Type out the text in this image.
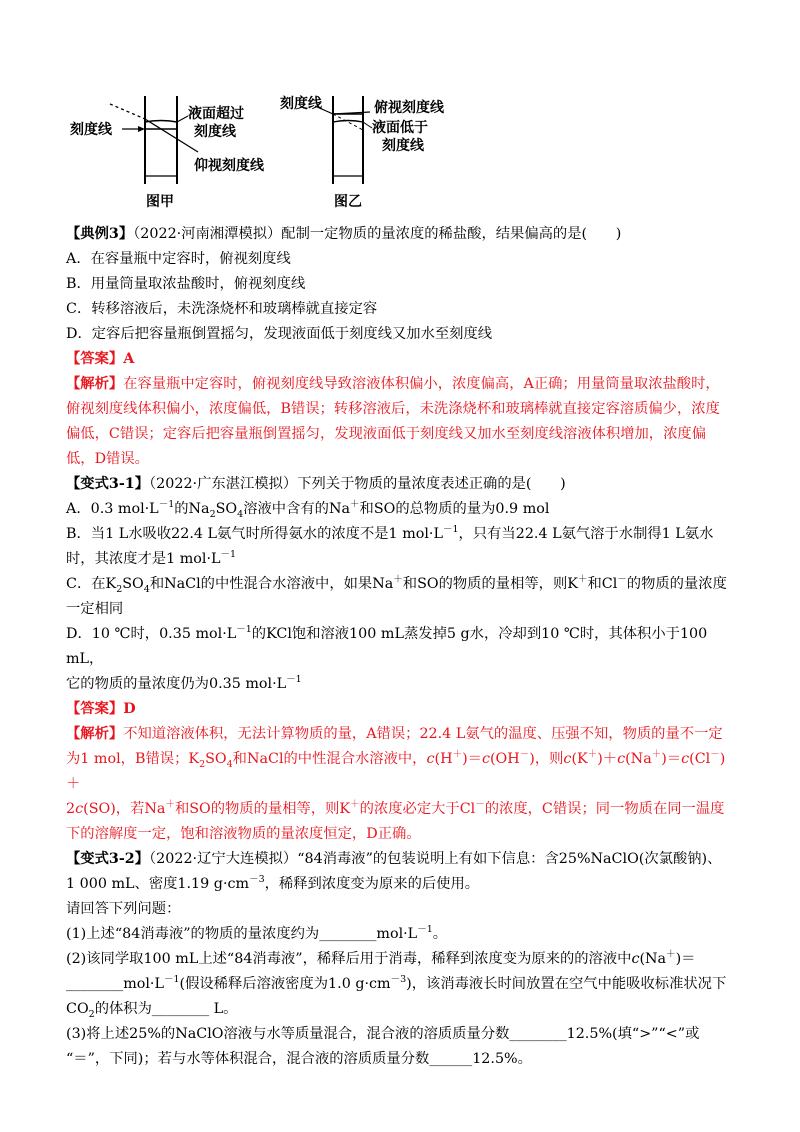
刻度线
液面超过
刻度线
仰视刻度线
图甲
刻度线	俯视刻度线
液面低于
刻度线
图乙

【典例3】（2022·河南湘潭模拟）配制一定物质的量浓度的稀盐酸，结果偏高的是(　　)

A．在容量瓶中定容时，俯视刻度线

B．用量筒量取浓盐酸时，俯视刻度线

C．转移溶液后，未洗涤烧杯和玻璃棒就直接定容

D．定容后把容量瓶倒置摇匀，发现液面低于刻度线又加水至刻度线

【答案】A

【解析】在容量瓶中定容时，俯视刻度线导致溶液体积偏小，浓度偏高，A正确；用量筒量取浓盐酸时，

俯视刻度线体积偏小，浓度偏低，B错误；转移溶液后，未洗涤烧杯和玻璃棒就直接定容溶质偏少，浓度

偏低，C错误；定容后把容量瓶倒置摇匀，发现液面低于刻度线又加水至刻度线溶液体积增加，浓度偏

低，D错误。

【变式3-1】（2022·广东湛江模拟）下列关于物质的量浓度表述正确的是(　　)

A．0.3 $mol\cdot L^{-1}$的$Na_2SO_4$溶液中含有的Na＋和SO的总物质的量为0.9 mol

B．当1 L水吸收22.4 L氨气时所得氨水的浓度不是1 $mol\cdot L^{-1}$，只有当22.4 L氨气溶于水制得1 L氨水

时，其浓度才是1 $mol\cdot L^{-1}$

C．在$K_2SO_4$和NaCl的中性混合水溶液中，如果Na＋和SO的物质的量相等，则K＋和Cl－的物质的量浓度

一定相同

D．10 ℃时，0.35 $mol\cdot L^{-1}$的KCl饱和溶液100 mL蒸发掉5 g水，冷却到10 ℃时，其体积小于100 mL，

它的物质的量浓度仍为0.35 $mol\cdot L^{-1}$

【答案】D

【解析】不知道溶液体积，无法计算物质的量，A错误；22.4 L氨气的温度、压强不知，物质的量不一定

为1 mol，B错误；$K_2SO_4$和NaCl的中性混合水溶液中，c(H＋)＝c(OH－)，则c(K＋)＋c(Na＋)＝c(Cl－)＋

2c(SO)，若Na＋和SO的物质的量相等，则K＋的浓度必定大于Cl－的浓度，C错误；同一物质在同一温度

下的溶解度一定，饱和溶液物质的量浓度恒定，D正确。

【变式3-2】（2022·辽宁大连模拟）“84消毒液”的包装说明上有如下信息：含25%NaClO(次氯酸钠)、

1 000 mL、密度1.19 $g\cdot cm^{-3}$，稀释到浓度变为原来的后使用。

请回答下列问题：

(1)上述“84消毒液”的物质的量浓度约为$\_\_\_\_\_\_\_\_mol\cdot L^{-1}$。

(2)该同学取100 mL上述“84消毒液”，稀释后用于消毒，稀释到浓度变为原来的的溶液中c(Na＋)＝

$\_\_\_\_\_\_\_\_mol\cdot L^{-1}$(假设稀释后溶液密度为1.0 $g\cdot cm^{-3}$)，该消毒液长时间放置在空气中能吸收标准状况下

$CO_2$的体积为________ L。

(3)将上述25%的NaClO溶液与水等质量混合，混合液的溶质质量分数________12.5%(填“>”“<”或

“＝”，下同)；若与水等体积混合，混合液的溶质质量分数______12.5%。
